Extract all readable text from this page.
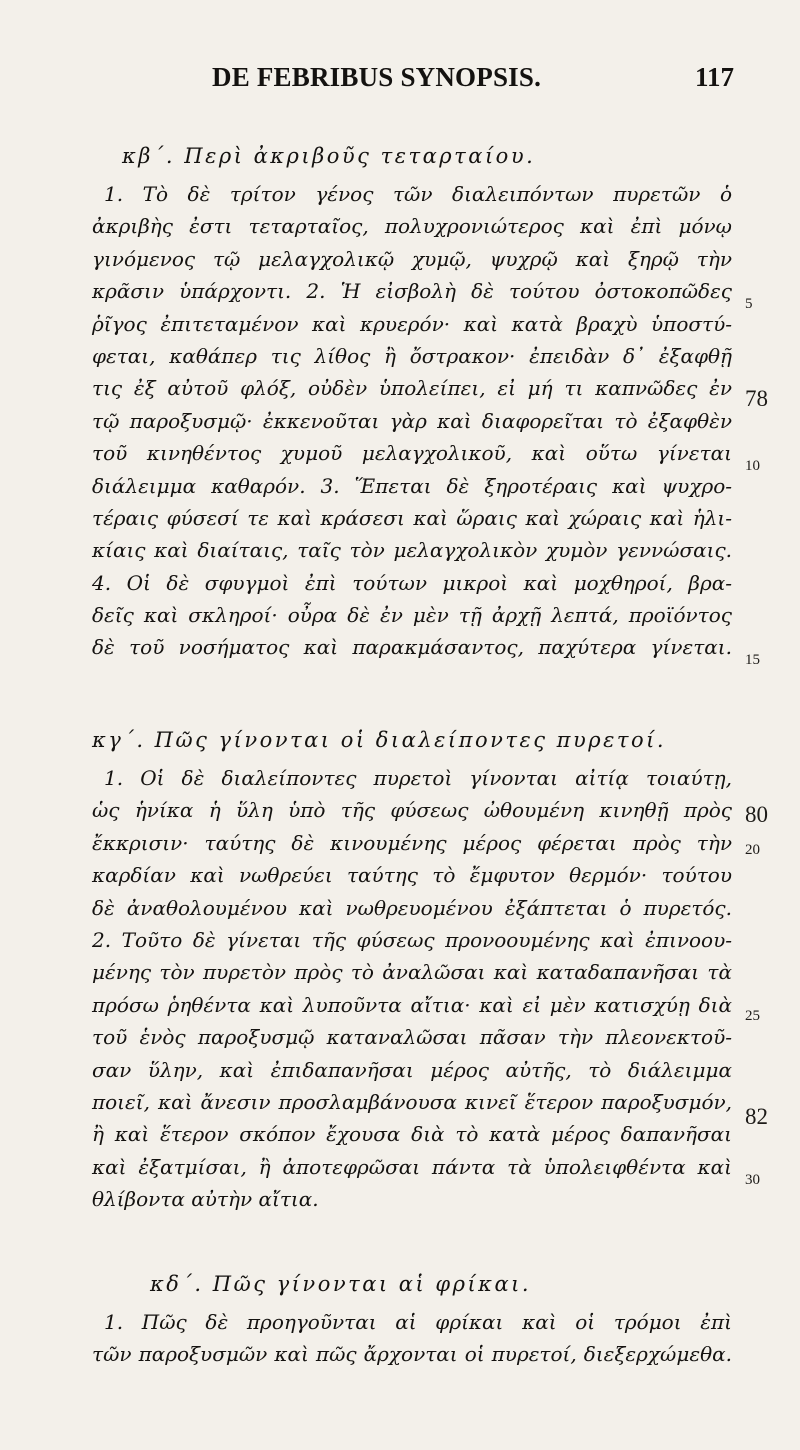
DE FEBRIBUS SYNOPSIS.	117
κβ΄. Περὶ ἀκριβοῦς τεταρταίου.
1. Τὸ δὲ τρίτον γένος τῶν διαλειπόντων πυρετῶν ὁ
ἀκριβὴς ἐστι τεταρταῖος, πολυχρονιώτερος καὶ ἐπὶ μόνῳ
γινόμενος τῷ μελαγχολικῷ χυμῷ, ψυχρῷ καὶ ξηρῷ τὴν
κρᾶσιν ὑπάρχοντι. 2. Ἡ εἰσβολὴ δὲ τούτου ὀστοκοπῶδες
ῥῖγος ἐπιτεταμένον καὶ κρυερόν· καὶ κατὰ βραχὺ ὑποστύ-
φεται, καθάπερ τις λίθος ἢ ὄστρακον· ἐπειδὰν δ᾽ ἐξαφθῇ
τις ἐξ αὐτοῦ φλόξ, οὐδὲν ὑπολείπει, εἰ μή τι καπνῶδες ἐν
τῷ παροξυσμῷ· ἐκκενοῦται γὰρ καὶ διαφορεῖται τὸ ἐξαφθὲν
τοῦ κινηθέντος χυμοῦ μελαγχολικοῦ, καὶ οὕτω γίνεται
διάλειμμα καθαρόν. 3. Ἕπεται δὲ ξηροτέραις καὶ ψυχρο-
τέραις φύσεσί τε καὶ κράσεσι καὶ ὥραις καὶ χώραις καὶ ἡλι-
κίαις καὶ διαίταις, ταῖς τὸν μελαγχολικὸν χυμὸν γεννώσαις.
4. Οἱ δὲ σφυγμοὶ ἐπὶ τούτων μικροὶ καὶ μοχθηροί, βρα-
δεῖς καὶ σκληροί· οὖρα δὲ ἐν μὲν τῇ ἀρχῇ λεπτά, προϊόντος
δὲ τοῦ νοσήματος καὶ παρακμάσαντος, παχύτερα γίνεται.
κγ΄. Πῶς γίνονται οἱ διαλείποντες πυρετοί.
1. Οἱ δὲ διαλείποντες πυρετοὶ γίνονται αἰτίᾳ τοιαύτῃ,
ὡς ἡνίκα ἡ ὕλη ὑπὸ τῆς φύσεως ὠθουμένη κινηθῇ πρὸς
ἔκκρισιν· ταύτης δὲ κινουμένης μέρος φέρεται πρὸς τὴν
καρδίαν καὶ νωθρεύει ταύτης τὸ ἔμφυτον θερμόν· τούτου
δὲ ἀναθολουμένου καὶ νωθρευομένου ἐξάπτεται ὁ πυρετός.
2. Τοῦτο δὲ γίνεται τῆς φύσεως προνοουμένης καὶ ἐπινοου-
μένης τὸν πυρετὸν πρὸς τὸ ἀναλῶσαι καὶ καταδαπανῆσαι τὰ
πρόσω ῥηθέντα καὶ λυποῦντα αἴτια· καὶ εἰ μὲν κατισχύῃ διὰ
τοῦ ἑνὸς παροξυσμῷ καταναλῶσαι πᾶσαν τὴν πλεονεκτοῦ-
σαν ὕλην, καὶ ἐπιδαπανῆσαι μέρος αὐτῆς, τὸ διάλειμμα
ποιεῖ, καὶ ἄνεσιν προσλαμβάνουσα κινεῖ ἕτερον παροξυσμόν,
ἢ καὶ ἕτερον σκόπον ἔχουσα διὰ τὸ κατὰ μέρος δαπανῆσαι
καὶ ἐξατμίσαι, ἢ ἀποτεφρῶσαι πάντα τὰ ὑπολειφθέντα καὶ
θλίβοντα αὐτὴν αἴτια.
κδ΄. Πῶς γίνονται αἱ φρίκαι.
1. Πῶς δὲ προηγοῦνται αἱ φρίκαι καὶ οἱ τρόμοι ἐπὶ
τῶν παροξυσμῶν καὶ πῶς ἄρχονται οἱ πυρετοί, διεξερχώμεθα.
5
78
10
15
80
20
25
82
30
